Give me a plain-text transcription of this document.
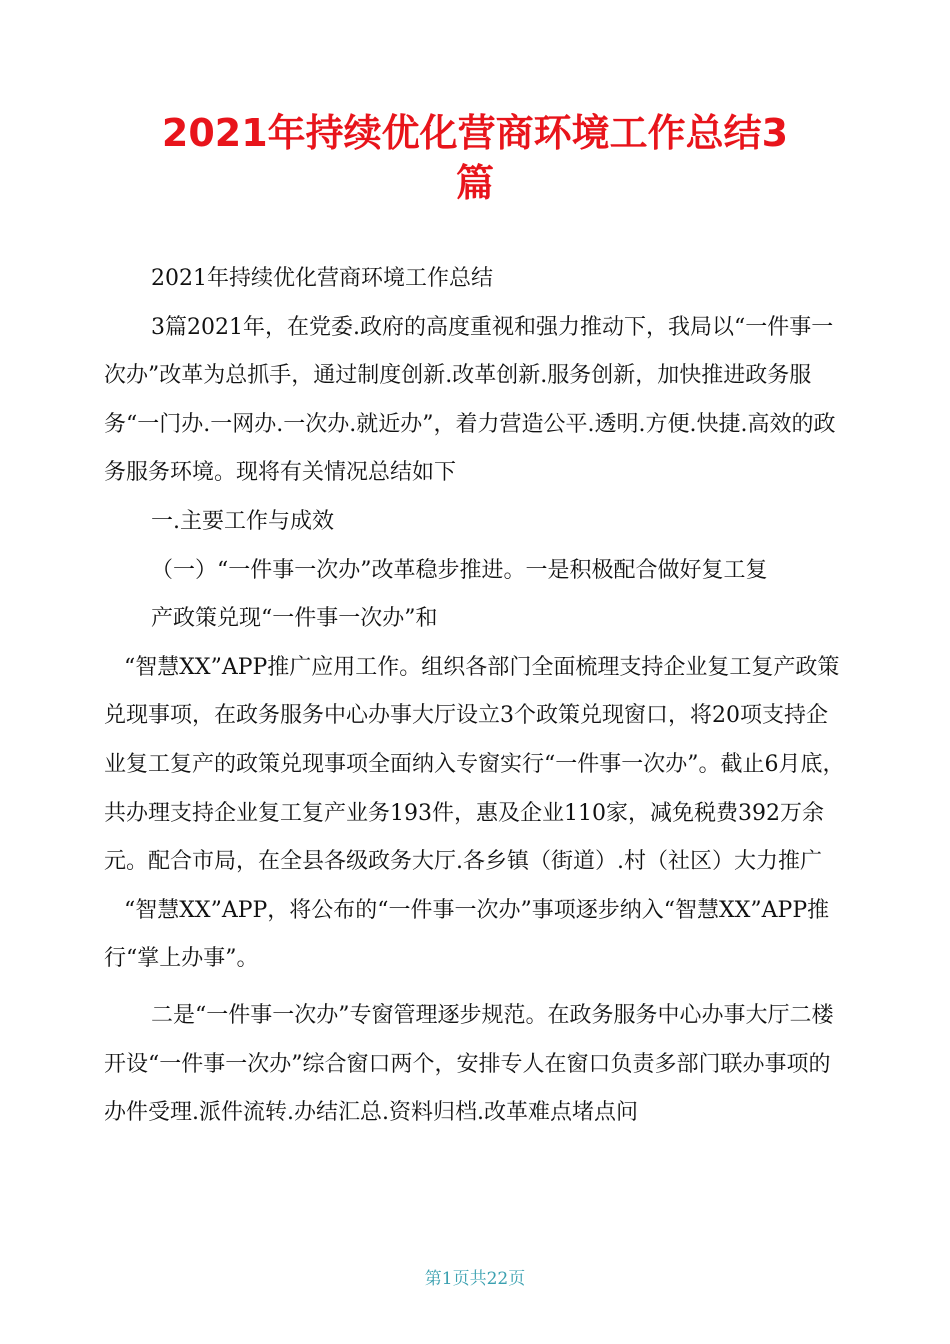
2021年持续优化营商环境工作总结3
篇

2021年持续优化营商环境工作总结

3篇2021年，在党委.政府的高度重视和强力推动下，我局以“一件事一次办”改革为总抓手，通过制度创新.改革创新.服务创新，加快推进政务服务“一门办.一网办.一次办.就近办”，着力营造公平.透明.方便.快捷.高效的政务服务环境。现将有关情况总结如下

一.主要工作与成效

（一）“一件事一次办”改革稳步推进。一是积极配合做好复工复

产政策兑现“一件事一次办”和

“智慧XX”APP推广应用工作。组织各部门全面梳理支持企业复工复产政策兑现事项，在政务服务中心办事大厅设立3个政策兑现窗口，将20项支持企业复工复产的政策兑现事项全面纳入专窗实行“一件事一次办”。截止6月底，共办理支持企业复工复产业务193件，惠及企业110家，减免税费392万余元。配合市局，在全县各级政务大厅.各乡镇（街道）.村（社区）大力推广

“智慧XX”APP，将公布的“一件事一次办”事项逐步纳入“智慧XX”APP推行“掌上办事”。

二是“一件事一次办”专窗管理逐步规范。在政务服务中心办事大厅二楼开设“一件事一次办”综合窗口两个，安排专人在窗口负责多部门联办事项的办件受理.派件流转.办结汇总.资料归档.改革难点堵点问

第1页共22页
